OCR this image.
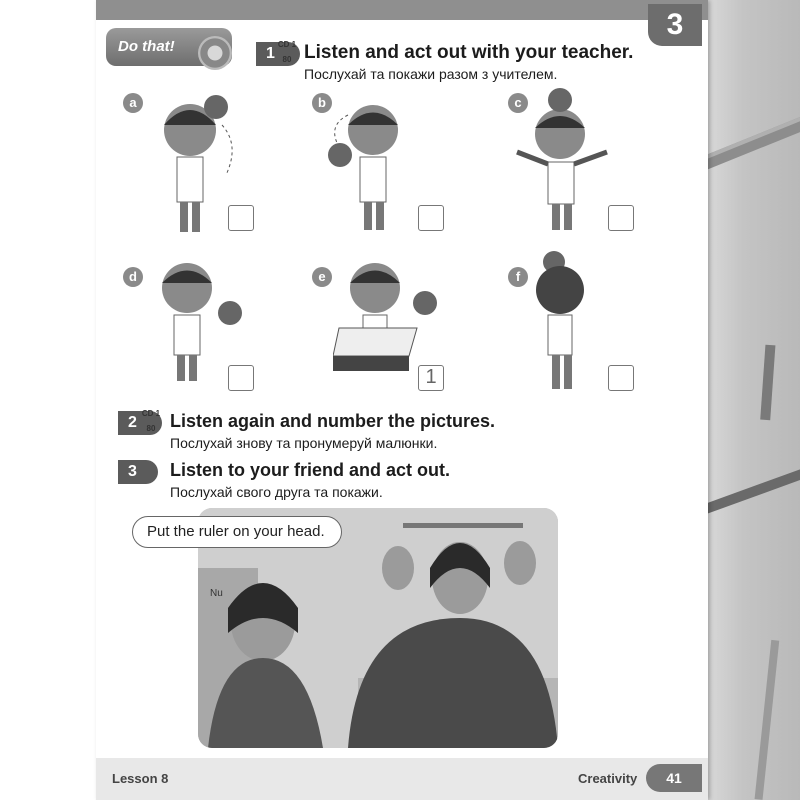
3
Do that!	1
CD 1
80 Listen and act out with your teacher.
Послухай та покажи разом з учителем.
a	b	c
d	e	f
1
2
CD 1
80 Listen again and number the pictures.
Послухай знову та пронумеруй малюнки.
3	Listen to your friend and act out.
Послухай свого друга та покажи.
Nu
Put the ruler on your head.
Lesson 8	Creativity	41
